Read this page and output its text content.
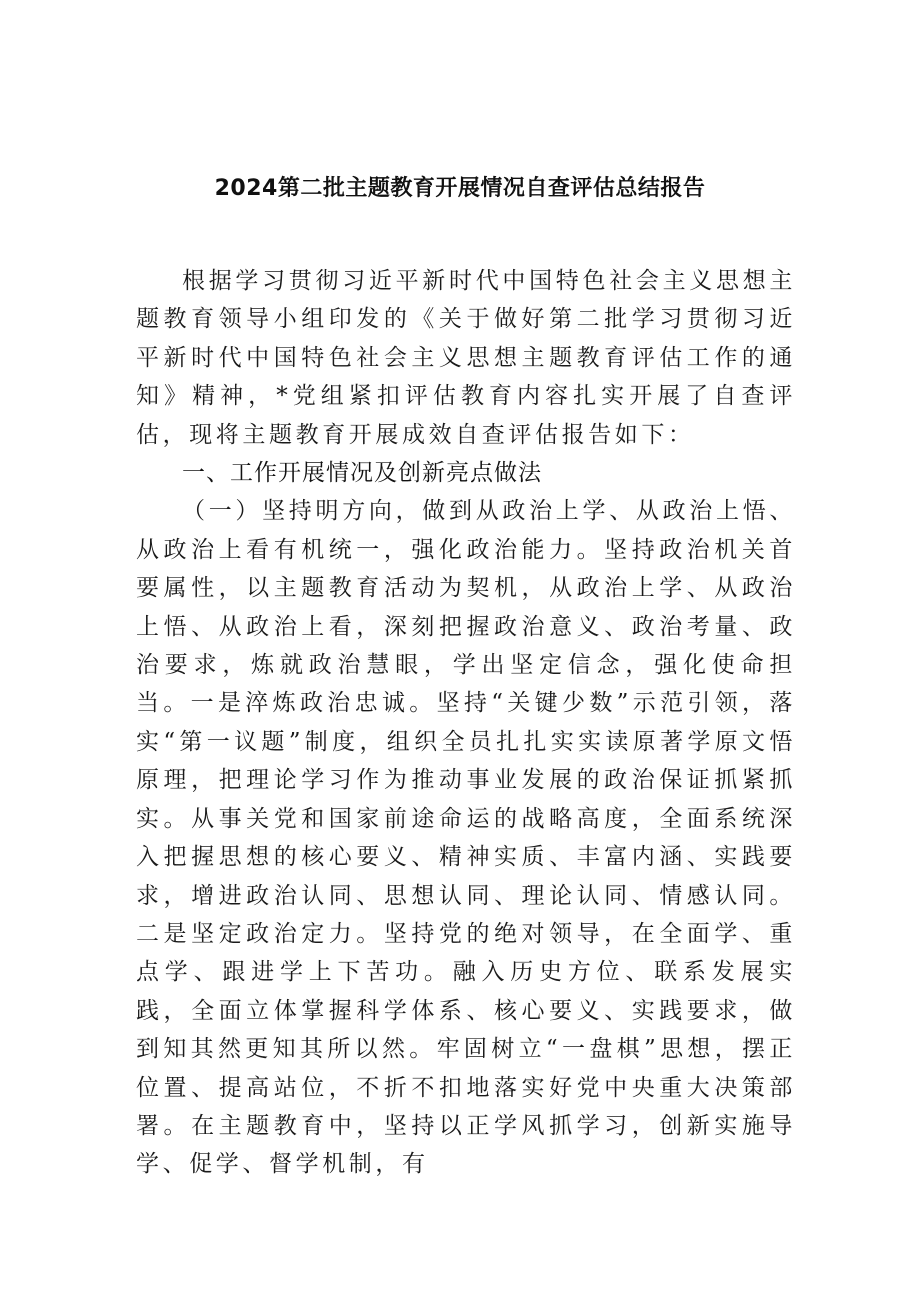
2024第二批主题教育开展情况自查评估总结报告

根据学习贯彻习近平新时代中国特色社会主义思想主题教育领导小组印发的《关于做好第二批学习贯彻习近平新时代中国特色社会主义思想主题教育评估工作的通知》精神，*党组紧扣评估教育内容扎实开展了自查评估，现将主题教育开展成效自查评估报告如下：

一、工作开展情况及创新亮点做法

（一）坚持明方向，做到从政治上学、从政治上悟、从政治上看有机统一，强化政治能力。坚持政治机关首要属性，以主题教育活动为契机，从政治上学、从政治上悟、从政治上看，深刻把握政治意义、政治考量、政治要求，炼就政治慧眼，学出坚定信念，强化使命担当。一是淬炼政治忠诚。坚持“关键少数”示范引领，落实“第一议题”制度，组织全员扎扎实实读原著学原文悟原理，把理论学习作为推动事业发展的政治保证抓紧抓实。从事关党和国家前途命运的战略高度，全面系统深入把握思想的核心要义、精神实质、丰富内涵、实践要求，增进政治认同、思想认同、理论认同、情感认同。二是坚定政治定力。坚持党的绝对领导，在全面学、重点学、跟进学上下苦功。融入历史方位、联系发展实践，全面立体掌握科学体系、核心要义、实践要求，做到知其然更知其所以然。牢固树立“一盘棋”思想，摆正位置、提高站位，不折不扣地落实好党中央重大决策部署。在主题教育中，坚持以正学风抓学习，创新实施导学、促学、督学机制，有
